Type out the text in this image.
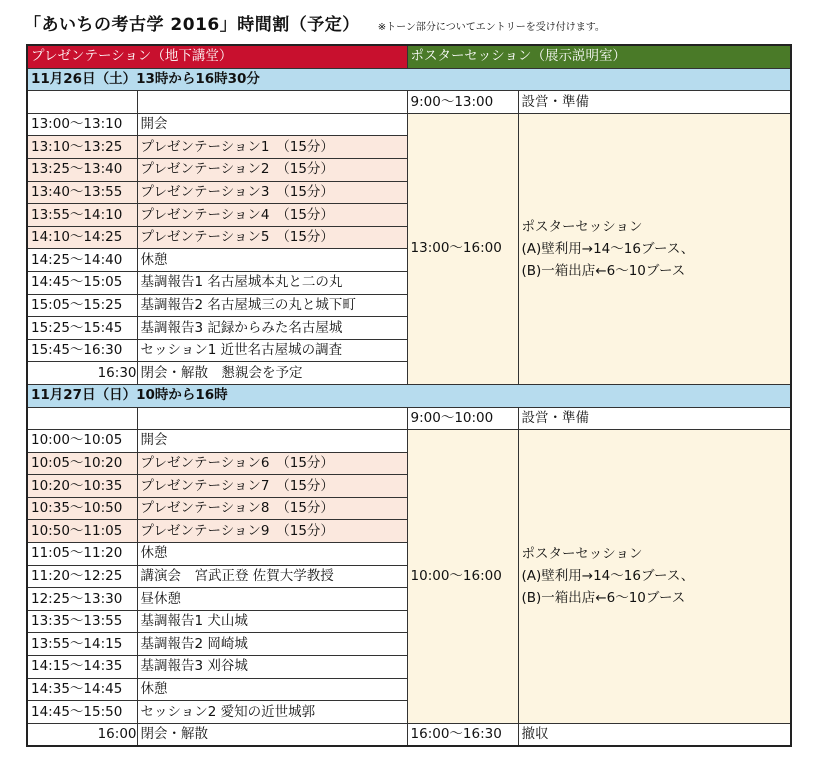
「あいちの考古学 2016」時間割（予定） ※トーン部分についてエントリーを受け付けます。
プレゼンテーション（地下講堂）		ポスターセッション（展示説明室）	
11月26日（土）13時から16時30分			
		9:00〜13:00	設営・準備
13:00〜13:10	開会	13:00〜16:00	ポスターセッション
(A)壁利用→14〜16ブース、
(B)一箱出店←6〜10ブース

13:10〜13:25	プレゼンテーション1　（15分）		
13:25〜13:40	プレゼンテーション2　（15分）		
13:40〜13:55	プレゼンテーション3　（15分）		
13:55〜14:10	プレゼンテーション4　（15分）		
14:10〜14:25	プレゼンテーション5　（15分）		
14:25〜14:40	休憩		
14:45〜15:05	基調報告1 名古屋城本丸と二の丸		
15:05〜15:25	基調報告2 名古屋城三の丸と城下町		
15:25〜15:45	基調報告3 記録からみた名古屋城		
15:45〜16:30	セッション1 近世名古屋城の調査		
16:30	閉会・解散　懇親会を予定		
11月27日（日）10時から16時			
		9:00〜10:00	設営・準備
10:00〜10:05	開会	10:00〜16:00	ポスターセッション
(A)壁利用→14〜16ブース、
(B)一箱出店←6〜10ブース

10:05〜10:20	プレゼンテーション6　（15分）		
10:20〜10:35	プレゼンテーション7　（15分）		
10:35〜10:50	プレゼンテーション8　（15分）		
10:50〜11:05	プレゼンテーション9　（15分）		
11:05〜11:20	休憩		
11:20〜12:25	講演会　宮武正登 佐賀大学教授		
12:25〜13:30	昼休憩		
13:35〜13:55	基調報告1 犬山城		
13:55〜14:15	基調報告2 岡崎城		
14:15〜14:35	基調報告3 刈谷城		
14:35〜14:45	休憩		
14:45〜15:50	セッション2 愛知の近世城郭		
16:00	閉会・解散	16:00〜16:30	撤収
